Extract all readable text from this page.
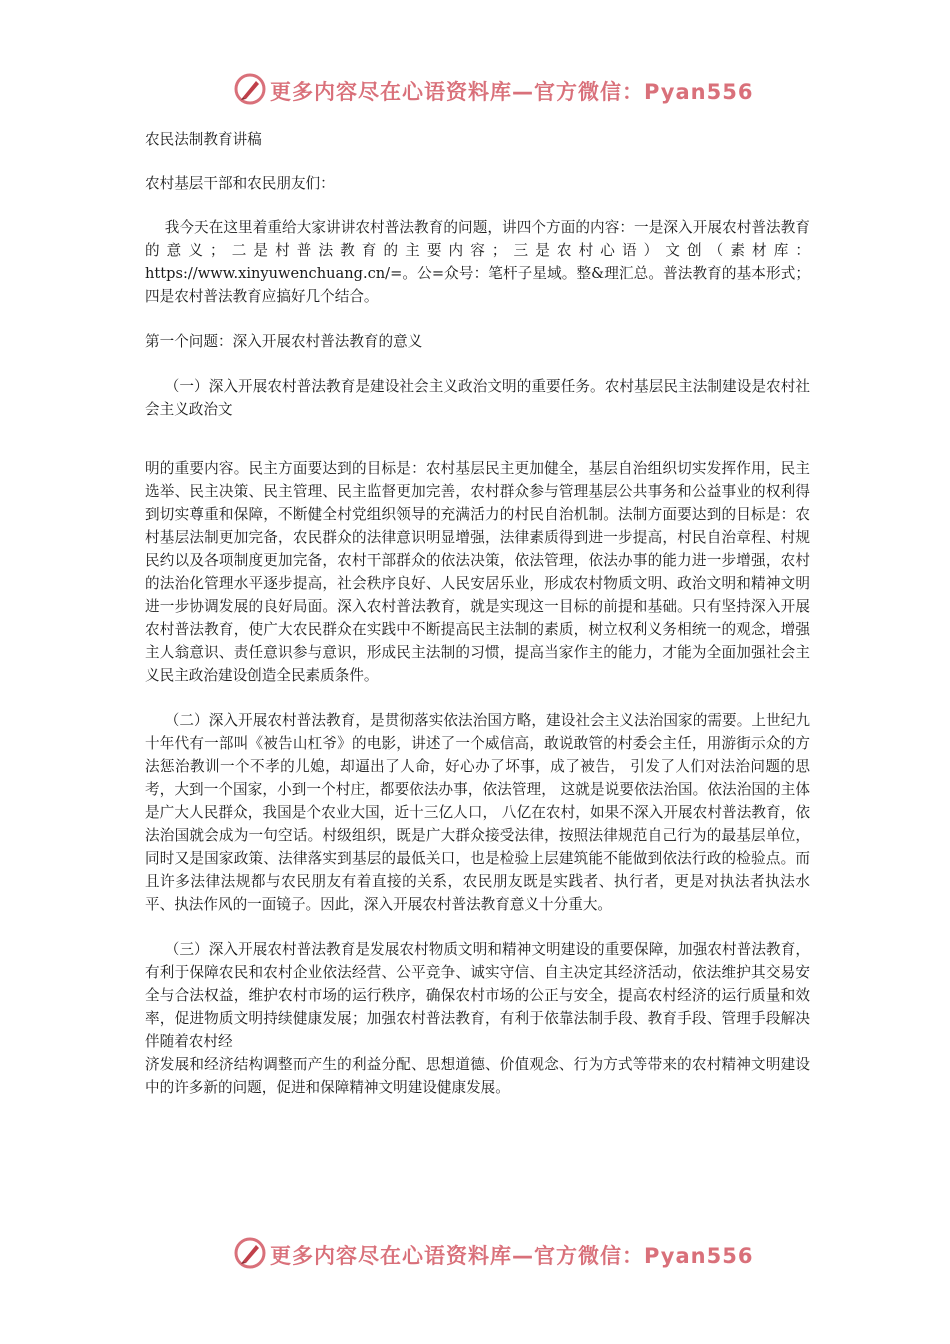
更多内容尽在心语资料库—官方微信：Pyan556

农民法制教育讲稿

农村基层干部和农民朋友们：

我今天在这里着重给大家讲讲农村普法教育的问题，讲四个方面的内容：一是深入开展农村普法教育的意义；二是村普法教育的主要内容；三是农村心语）文创（素材库：https://www.xinyuwenchuang.cn/=。公=众号：笔杆子星域。整&理汇总。普法教育的基本形式；四是农村普法教育应搞好几个结合。

第一个问题：深入开展农村普法教育的意义

（一）深入开展农村普法教育是建设社会主义政治文明的重要任务。农村基层民主法制建设是农村社会主义政治文

明的重要内容。民主方面要达到的目标是：农村基层民主更加健全，基层自治组织切实发挥作用，民主选举、民主决策、民主管理、民主监督更加完善，农村群众参与管理基层公共事务和公益事业的权利得到切实尊重和保障，不断健全村党组织领导的充满活力的村民自治机制。法制方面要达到的目标是：农村基层法制更加完备，农民群众的法律意识明显增强，法律素质得到进一步提高，村民自治章程、村规民约以及各项制度更加完备，农村干部群众的依法决策，依法管理，依法办事的能力进一步增强，农村的法治化管理水平逐步提高，社会秩序良好、人民安居乐业，形成农村物质文明、政治文明和精神文明进一步协调发展的良好局面。深入农村普法教育，就是实现这一目标的前提和基础。只有坚持深入开展农村普法教育，使广大农民群众在实践中不断提高民主法制的素质，树立权利义务相统一的观念，增强主人翁意识、责任意识参与意识，形成民主法制的习惯，提高当家作主的能力，才能为全面加强社会主义民主政治建设创造全民素质条件。

（二）深入开展农村普法教育，是贯彻落实依法治国方略，建设社会主义法治国家的需要。上世纪九十年代有一部叫《被告山杠爷》的电影，讲述了一个威信高，敢说敢管的村委会主任，用游街示众的方法惩治教训一个不孝的儿媳，却逼出了人命，好心办了坏事，成了被告， 引发了人们对法治问题的思考，大到一个国家，小到一个村庄，都要依法办事，依法管理， 这就是说要依法治国。依法治国的主体是广大人民群众，我国是个农业大国，近十三亿人口， 八亿在农村，如果不深入开展农村普法教育，依法治国就会成为一句空话。村级组织，既是广大群众接受法律，按照法律规范自己行为的最基层单位，同时又是国家政策、法律落实到基层的最低关口，也是检验上层建筑能不能做到依法行政的检验点。而且许多法律法规都与农民朋友有着直接的关系，农民朋友既是实践者、执行者，更是对执法者执法水平、执法作风的一面镜子。因此，深入开展农村普法教育意义十分重大。

（三）深入开展农村普法教育是发展农村物质文明和精神文明建设的重要保障，加强农村普法教育，有利于保障农民和农村企业依法经营、公平竞争、诚实守信、自主决定其经济活动，依法维护其交易安全与合法权益，维护农村市场的运行秩序，确保农村市场的公正与安全，提高农村经济的运行质量和效率，促进物质文明持续健康发展；加强农村普法教育，有利于依靠法制手段、教育手段、管理手段解决伴随着农村经

济发展和经济结构调整而产生的利益分配、思想道德、价值观念、行为方式等带来的农村精神文明建设中的许多新的问题，促进和保障精神文明建设健康发展。

更多内容尽在心语资料库—官方微信：Pyan556
